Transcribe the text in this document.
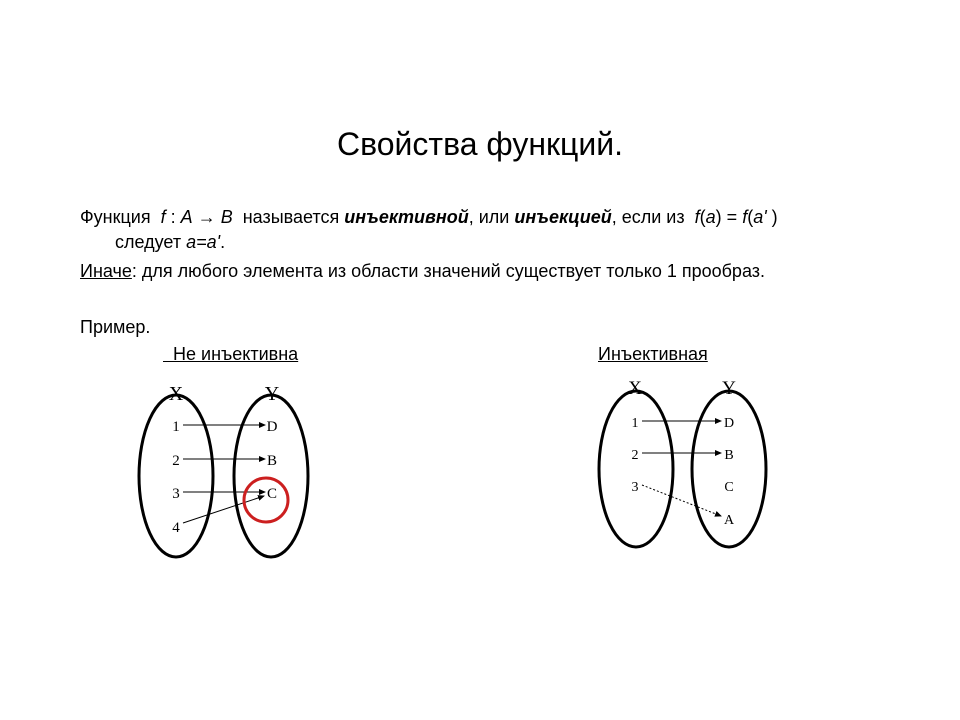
Свойства функций.
Функция f : A → B называется инъективной, или инъекцией, если из f(a) = f(a' )
следует a=a'.
Иначе: для любого элемента из области значений существует только 1 прообраз.
Пример.
Не инъективна	Инъективная
X	Y
1
2
3
4
D
B
C
X	Y
1
2
3
D
B
C
A
